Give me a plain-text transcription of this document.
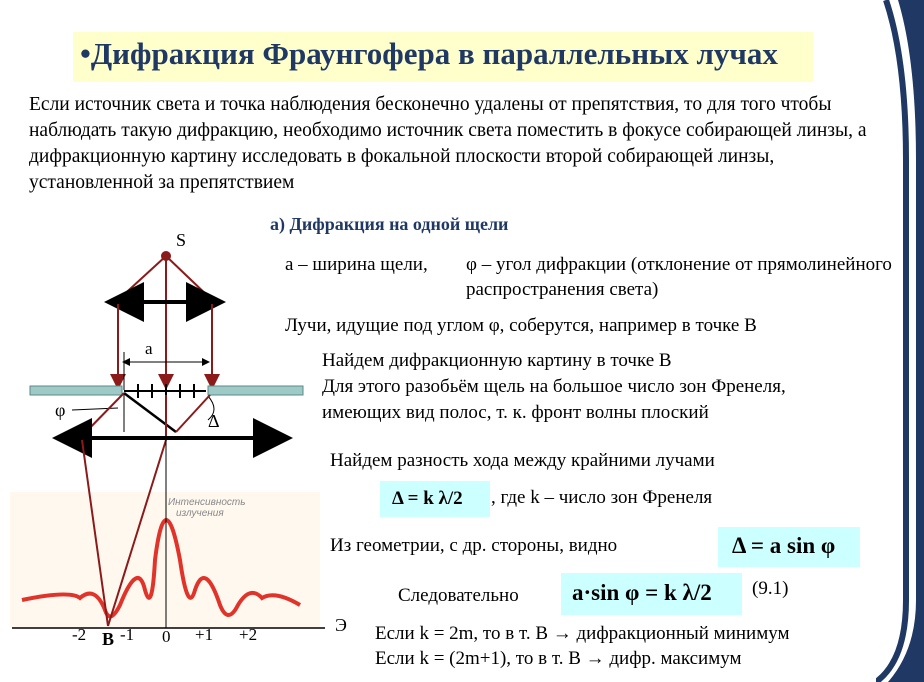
•Дифракция Фраунгофера в параллельных лучах
Если источник света и точка наблюдения бесконечно удалены от препятствия, то для того чтобы наблюдать такую дифракцию, необходимо источник света поместить в фокусе собирающей линзы, а дифракционную картину исследовать в фокальной плоскости второй собирающей линзы, установленной за препятствием
а) Дифракция на одной щели
а – ширина щели, φ – угол дифракции (отклонение от прямолинейного
распространения света)
Лучи, идущие под углом φ, соберутся, например в точке B
Найдем дифракционную картину в точке B
Для этого разобьём щель на большое число зон Френеля,
имеющих вид полос, т. к. фронт волны плоский
Найдем разность хода между крайними лучами
Δ = k λ/2 , где k – число зон Френеля
Из геометрии, с др. стороны, видно	Δ = a sin φ
Следовательно a·sin φ = k λ/2 (9.1)
Если k = 2m, то в т. B → дифракционный минимум
Если k = (2m+1), то в т. B → дифр. максимум
Интенсивность
излучения
Э
-2 -1 0 +1 +2
S
a
Δ
φ
B
